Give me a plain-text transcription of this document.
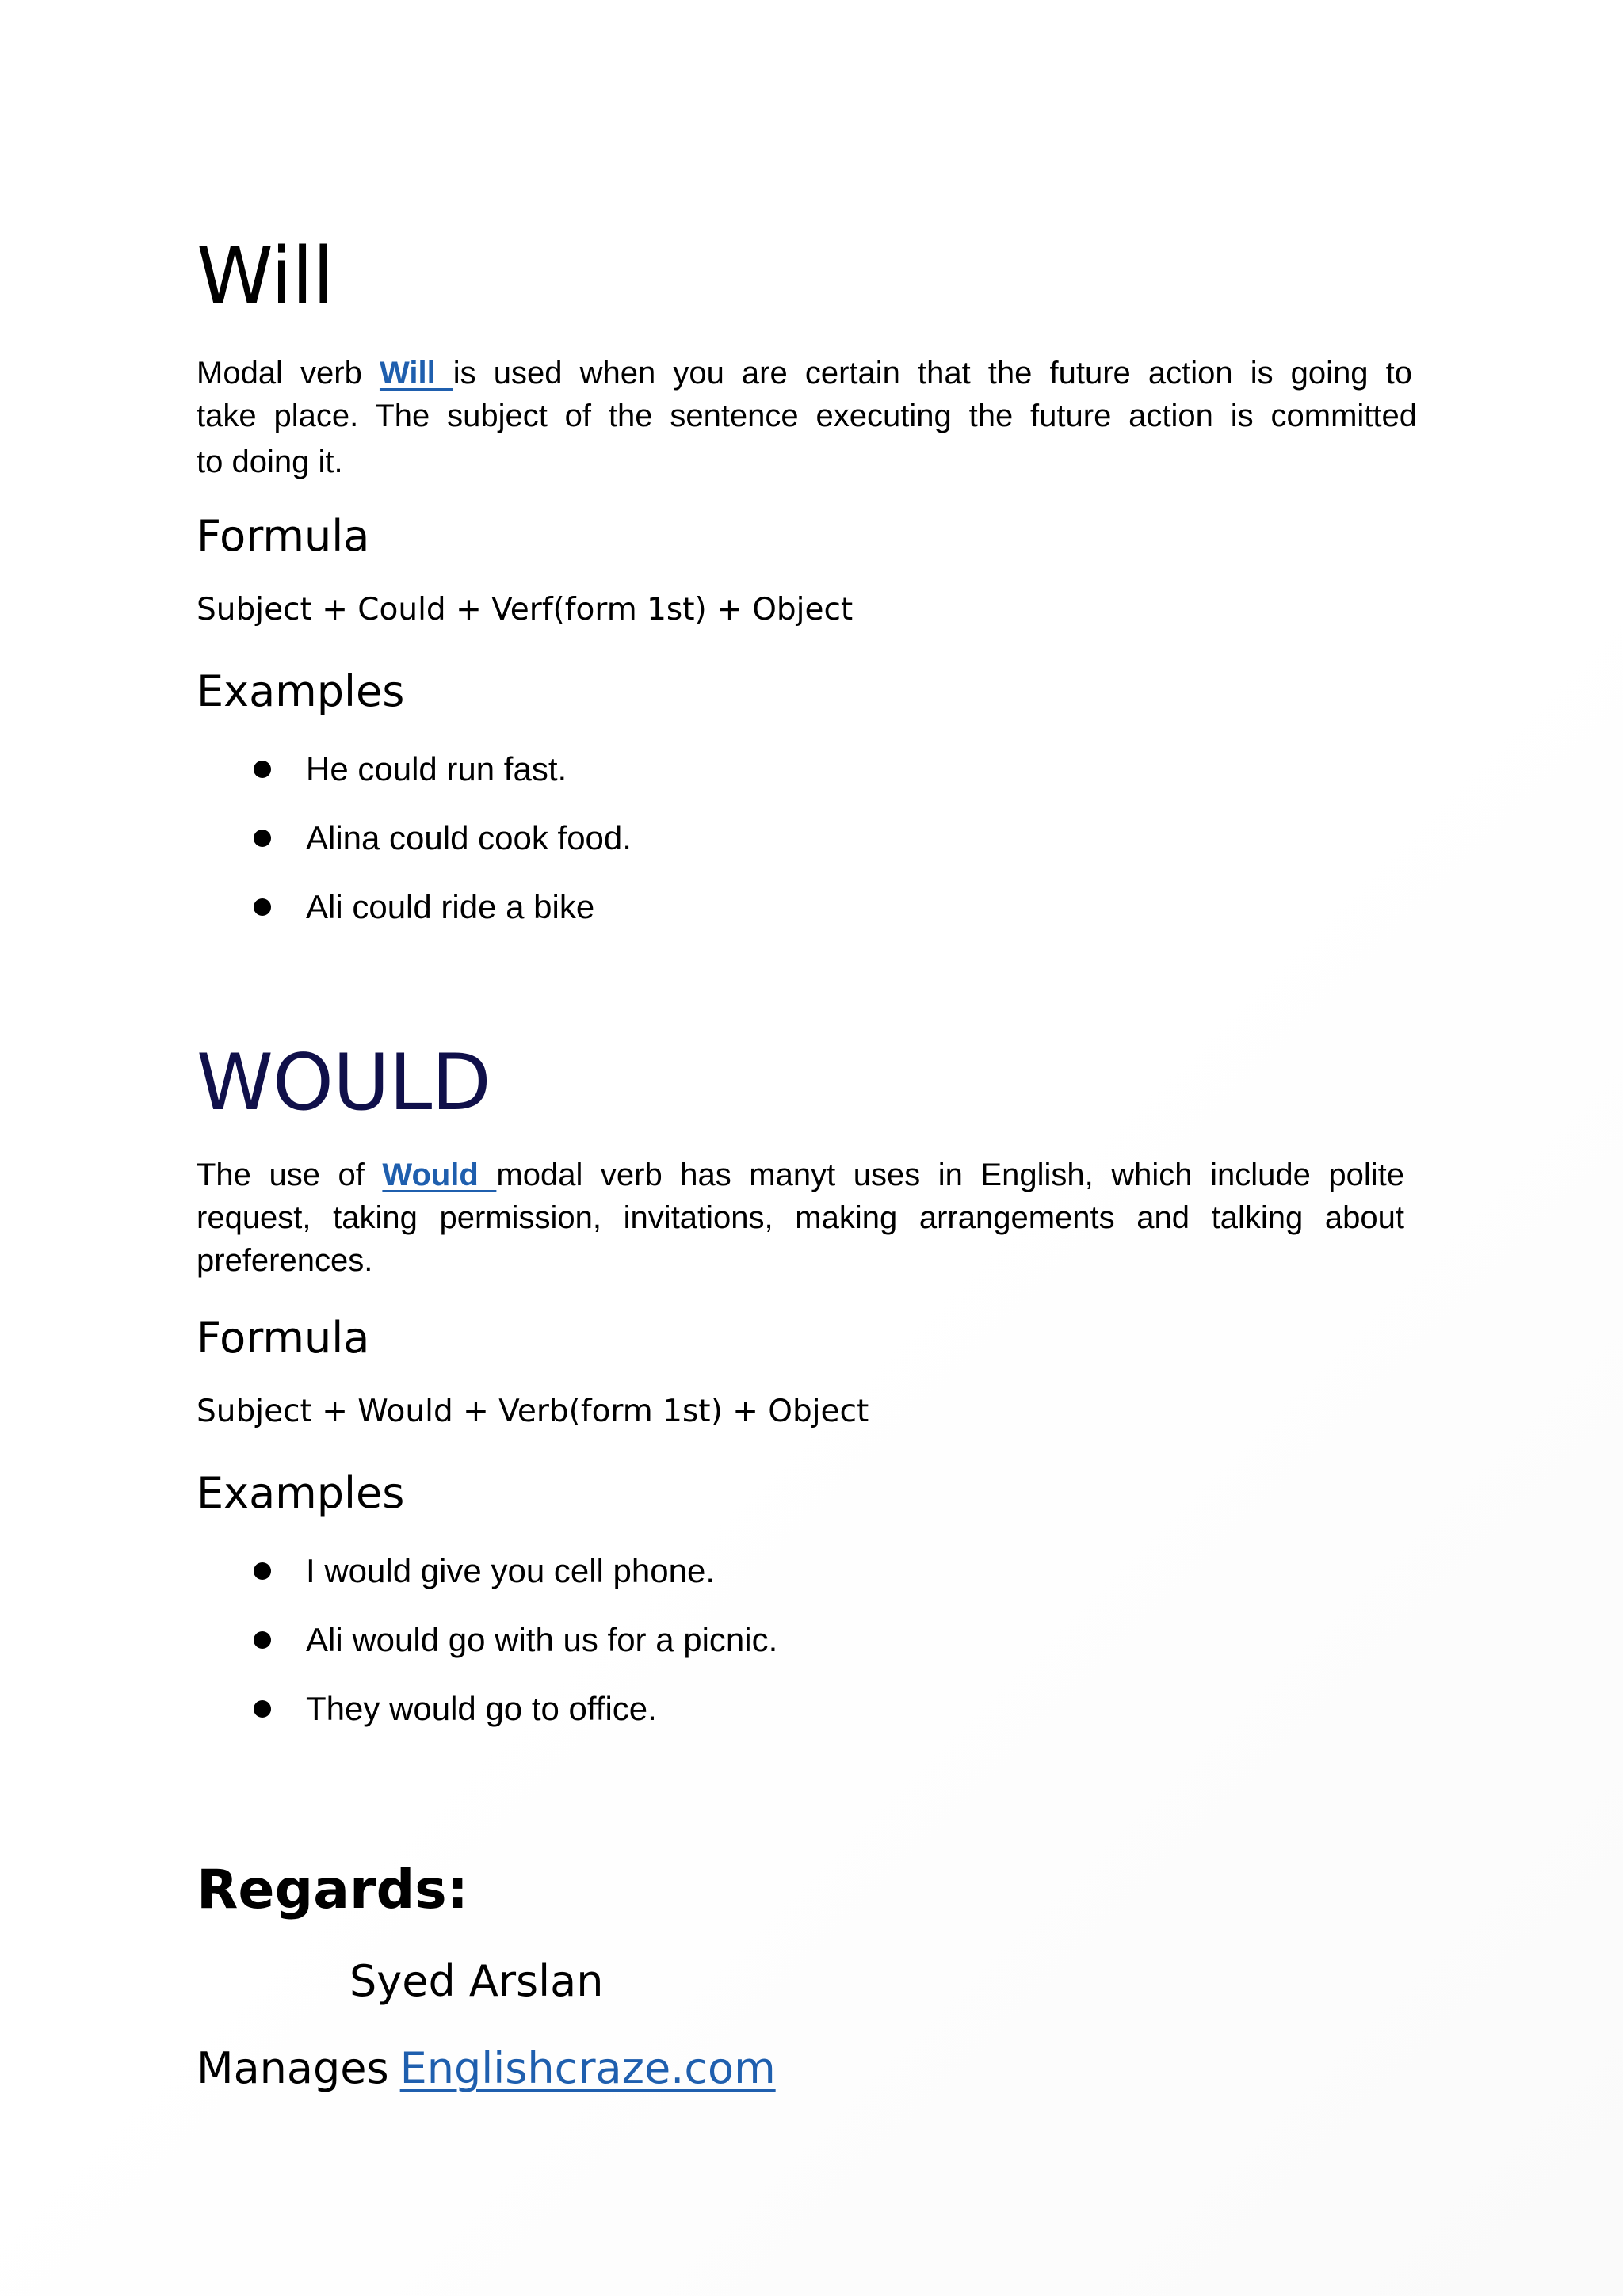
Will
Modal verb Will is used when you are certain that the future action is going to
take place. The subject of the sentence executing the future action is committed
to doing it.
Formula

Subject + Could + Verf(form 1st) + Object

Examples
He could run fast.
Alina could cook food.
Ali could ride a bike
WOULD
The use of Would modal verb has manyt uses in English, which include polite
request, taking permission, invitations, making arrangements and talking about
preferences.
Formula

Subject + Would + Verb(form 1st) + Object

Examples
I would give you cell phone.
Ali would go with us for a picnic.
They would go to office.
Regards:
Syed Arslan
Manages Englishcraze.com
